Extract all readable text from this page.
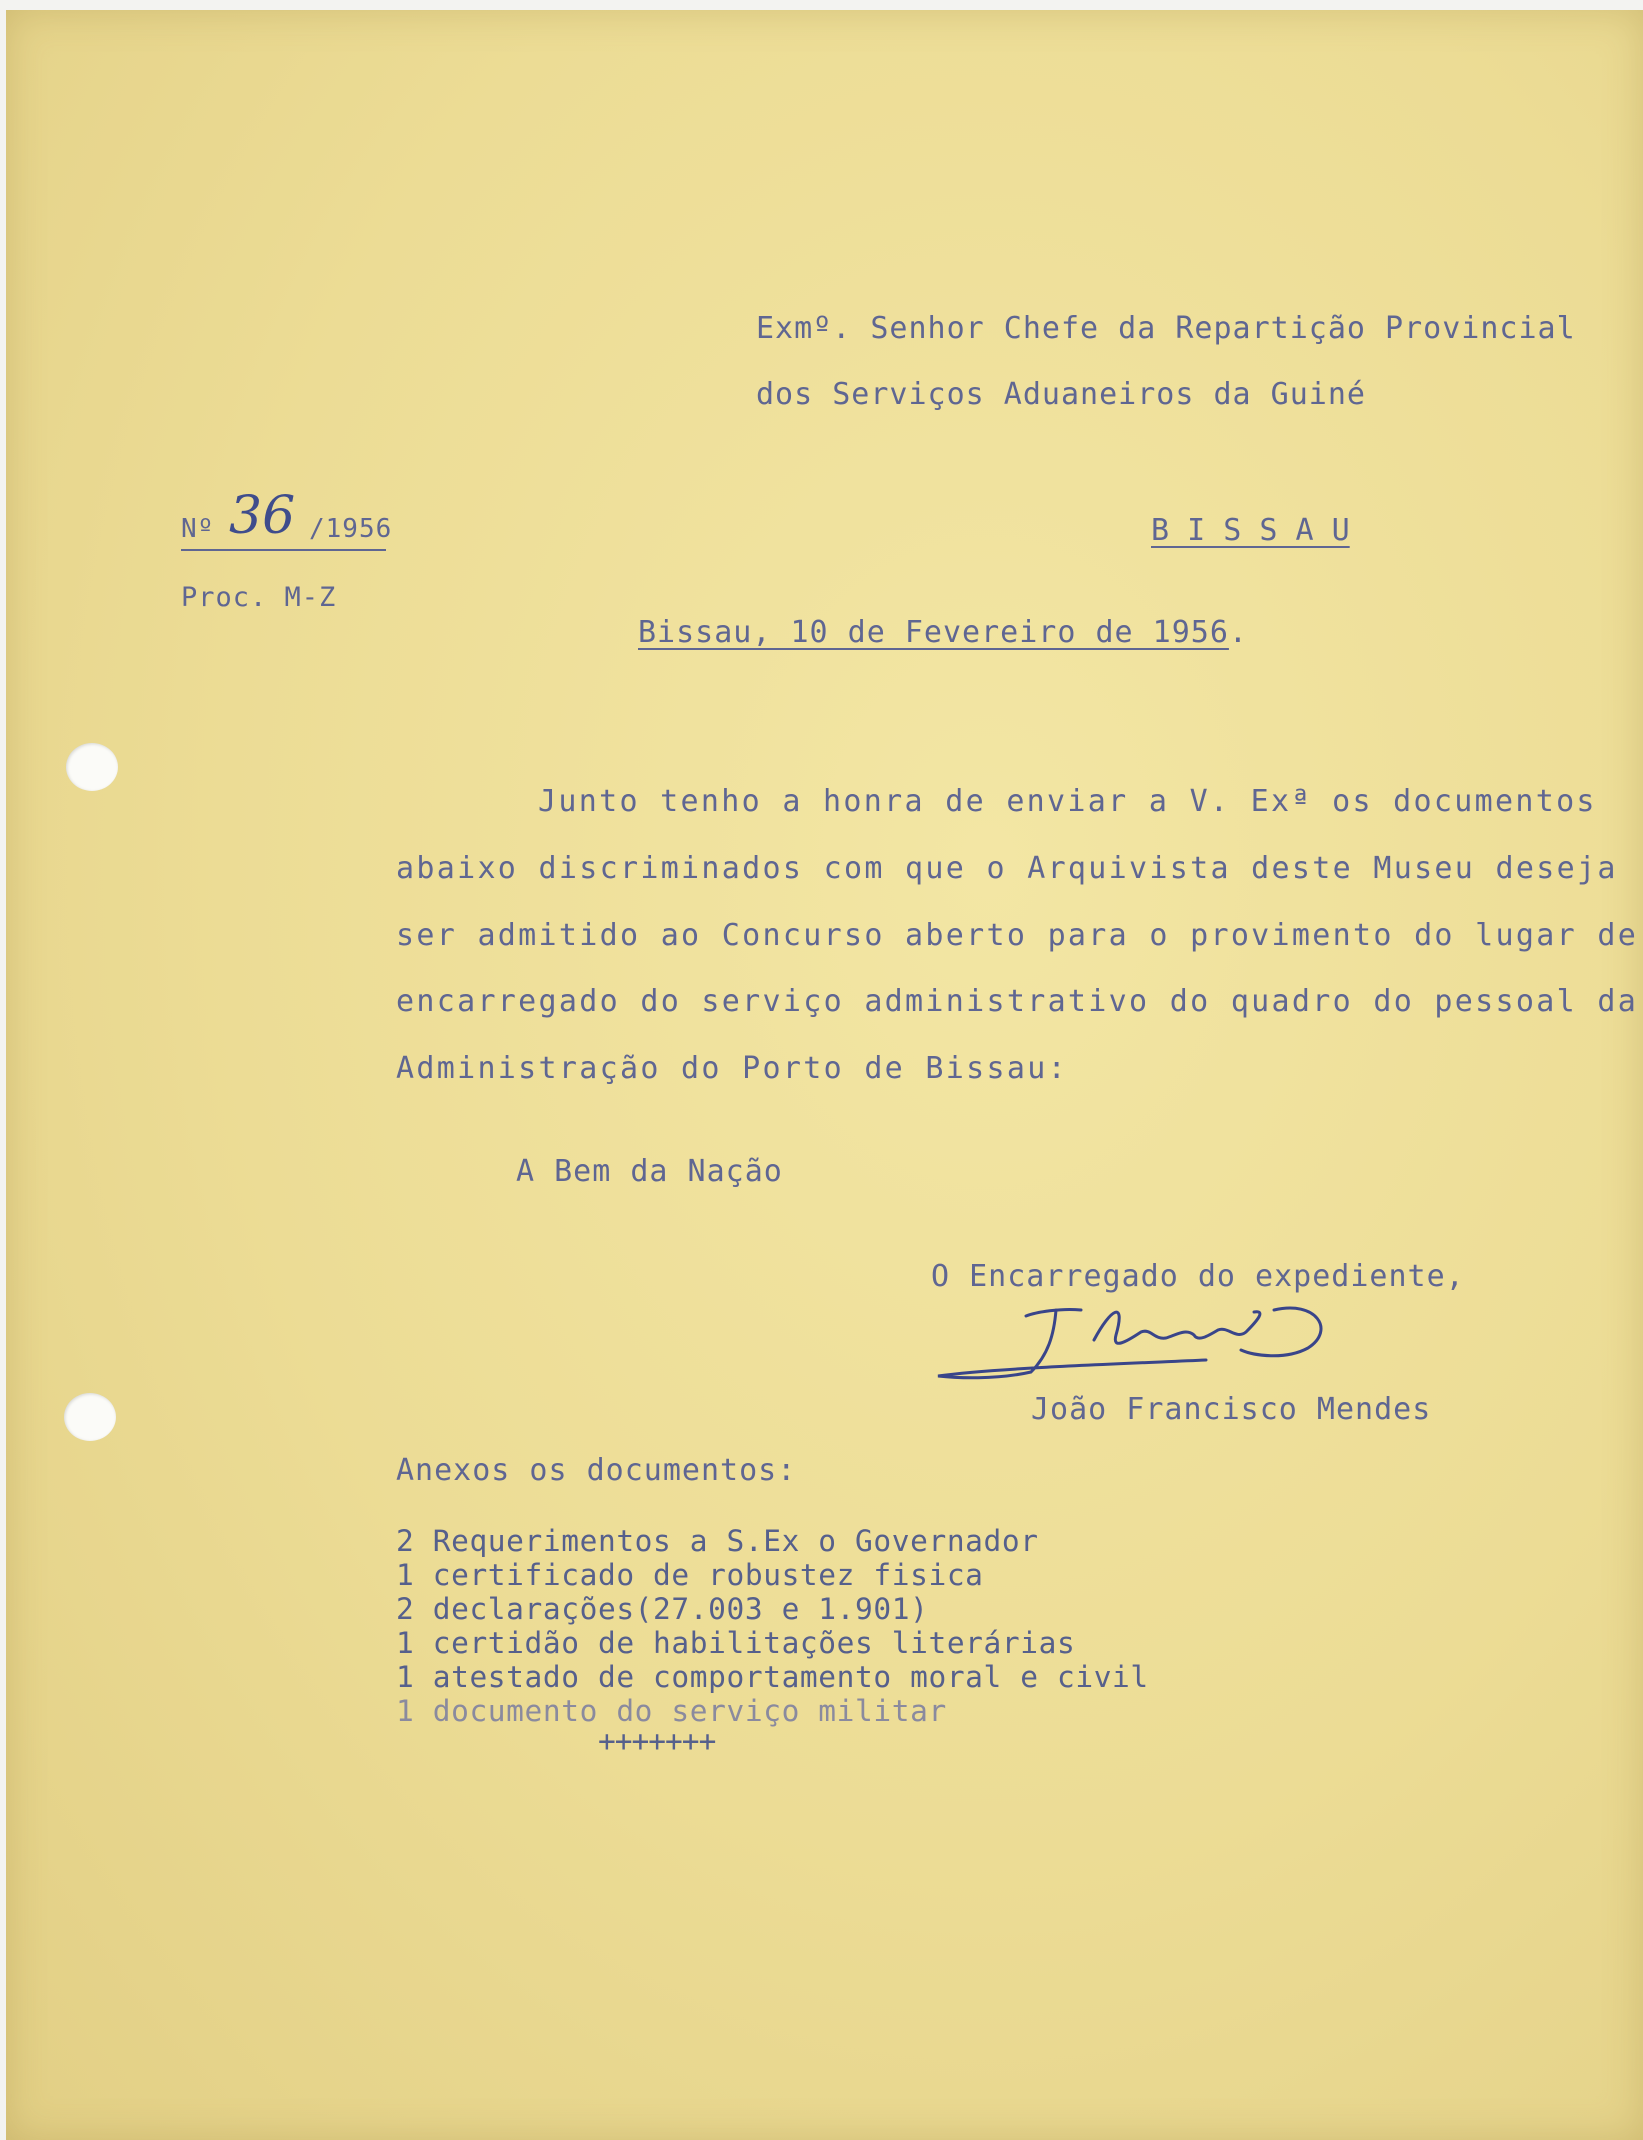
Exmº. Senhor Chefe da Repartição Provincial
dos Serviços Aduaneiros da Guiné
B I S S A U
Nº 36 /1956
Proc. M-Z
Bissau, 10 de Fevereiro de 1956.
Junto tenho a honra de enviar a V. Exª os documentos
abaixo discriminados com que o Arquivista deste Museu deseja
ser admitido ao Concurso aberto para o provimento do lugar de
encarregado do serviço administrativo do quadro do pessoal da
Administração do Porto de Bissau:
A Bem da Nação
O Encarregado do expediente,
João Francisco Mendes
Anexos os documentos:
2 Requerimentos a S.Ex o Governador
1 certificado de robustez fisica
2 declarações(27.003 e 1.901)
1 certidão de habilitações literárias
1 atestado de comportamento moral e civil
1 documento do serviço militar
+++++++
